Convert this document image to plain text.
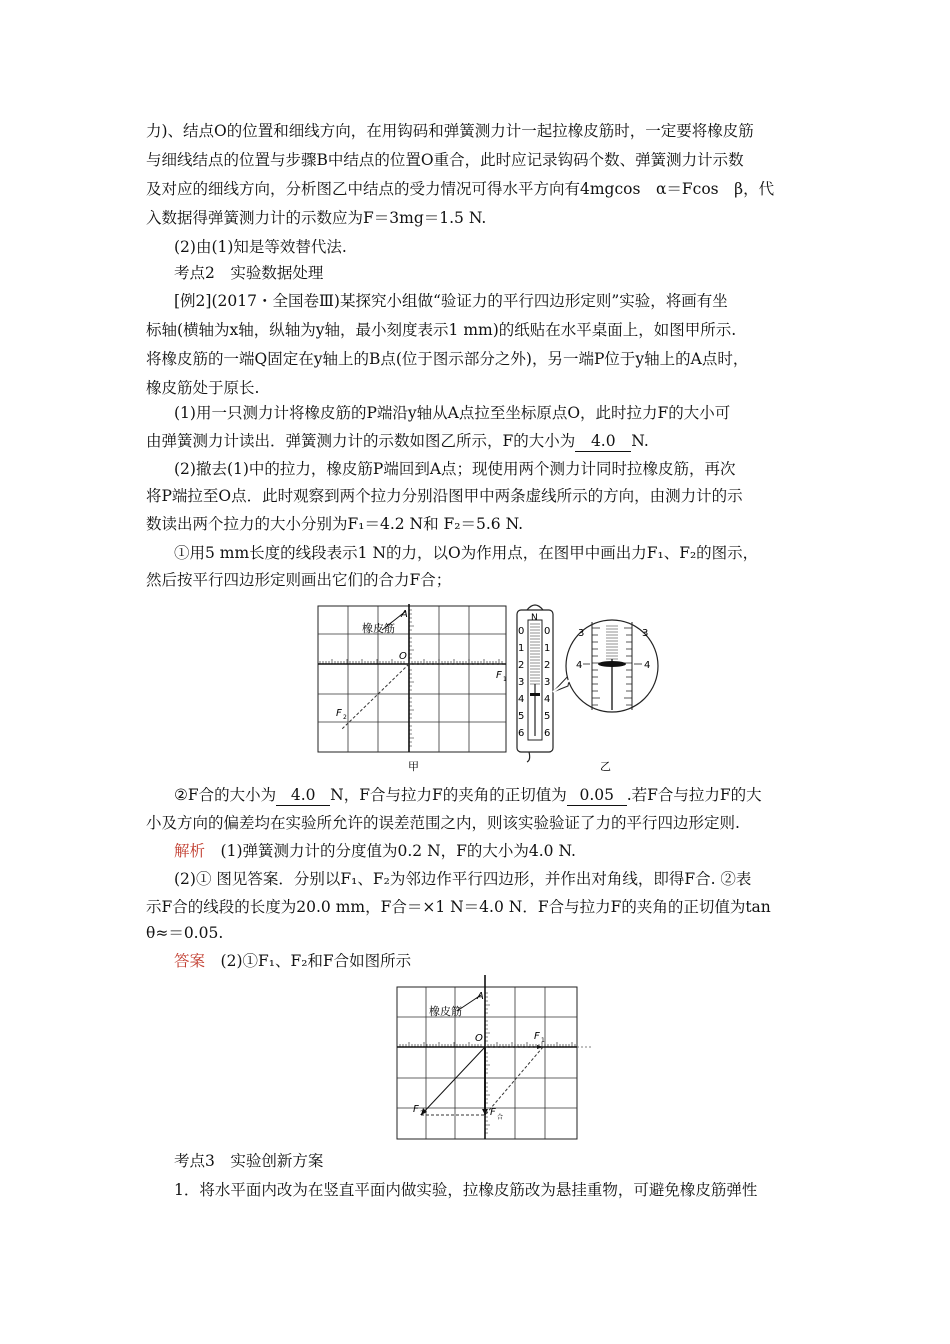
力)、结点O的位置和细线方向，在用钩码和弹簧测力计一起拉橡皮筋时，一定要将橡皮筋
与细线结点的位置与步骤B中结点的位置O重合，此时应记录钩码个数、弹簧测力计示数
及对应的细线方向，分析图乙中结点的受力情况可得水平方向有4mgcos　α＝Fcos　β，代
入数据得弹簧测力计的示数应为F＝3mg＝1.5 N.
(2)由(1)知是等效替代法.
考点2　实验数据处理
[例2](2017・全国卷Ⅲ)某探究小组做“验证力的平行四边形定则”实验，将画有坐
标轴(横轴为x轴，纵轴为y轴，最小刻度表示1 mm)的纸贴在水平桌面上，如图甲所示.
将橡皮筋的一端Q固定在y轴上的B点(位于图示部分之外)，另一端P位于y轴上的A点时，
橡皮筋处于原长.
(1)用一只测力计将橡皮筋的P端沿y轴从A点拉至坐标原点O，此时拉力F的大小可
由弹簧测力计读出．弹簧测力计的示数如图乙所示，F的大小为 4.0 N.
(2)撤去(1)中的拉力，橡皮筋P端回到A点；现使用两个测力计同时拉橡皮筋，再次
将P端拉至O点．此时观察到两个拉力分别沿图甲中两条虚线所示的方向，由测力计的示
数读出两个拉力的大小分别为F₁＝4.2 N和 F₂＝5.6 N.
①用5 mm长度的线段表示1 N的力，以O为作用点，在图甲中画出力F₁、F₂的图示，
然后按平行四边形定则画出它们的合力F合；
A
橡皮筋
O
F 1
F 2
甲
0
1
2
3
4
5
6
0
1
2
3
4
5
6
N
3	3
4	4
乙
②F合的大小为 4.0 N，F合与拉力F的夹角的正切值为 0.05 .若F合与拉力F的大
小及方向的偏差均在实验所允许的误差范围之内，则该实验验证了力的平行四边形定则.
解析　 (1)弹簧测力计的分度值为0.2 N，F的大小为4.0 N.
(2)① 图见答案．分别以F₁、F₂为邻边作平行四边形，并作出对角线，即得F合. ②表
示F合的线段的长度为20.0 mm，F合＝×1 N＝4.0 N．F合与拉力F的夹角的正切值为tan
θ≈＝0.05.
答案　 (2)①F₁、F₂和F合如图所示
A
橡皮筋
O	F 1
F 2	F 合
考点3　实验创新方案
1．将水平面内改为在竖直平面内做实验，拉橡皮筋改为悬挂重物，可避免橡皮筋弹性
